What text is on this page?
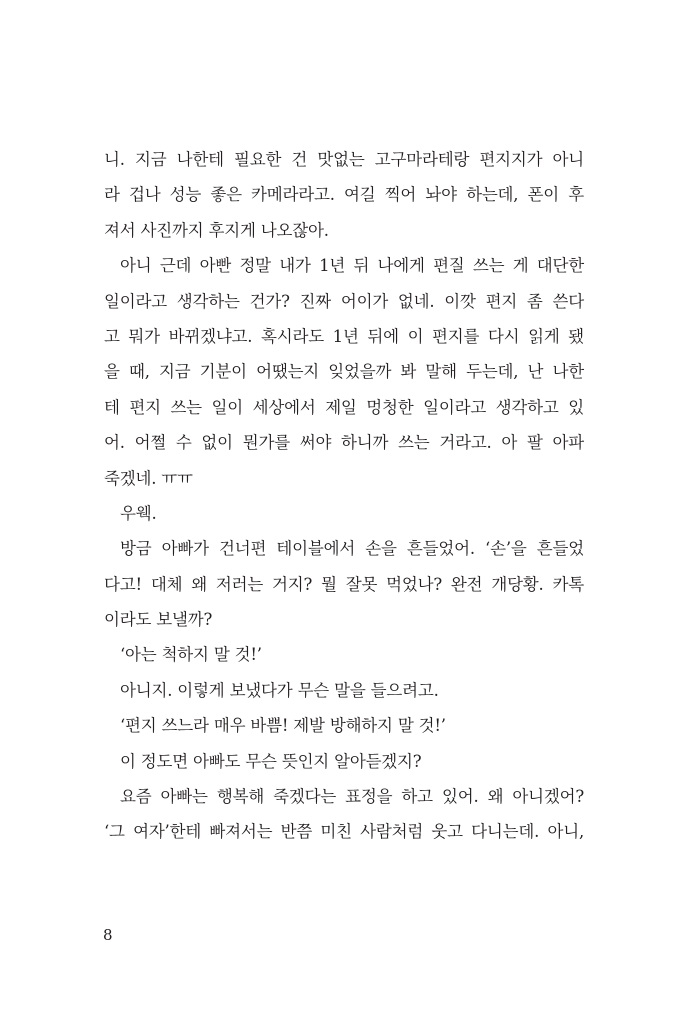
니. 지금 나한테 필요한 건 맛없는 고구마라테랑 편지지가 아니
라 겁나 성능 좋은 카메라라고. 여길 찍어 놔야 하는데, 폰이 후
져서 사진까지 후지게 나오잖아.
아니 근데 아빤 정말 내가 1년 뒤 나에게 편질 쓰는 게 대단한
일이라고 생각하는 건가? 진짜 어이가 없네. 이깟 편지 좀 쓴다
고 뭐가 바뀌겠냐고. 혹시라도 1년 뒤에 이 편지를 다시 읽게 됐
을 때, 지금 기분이 어땠는지 잊었을까 봐 말해 두는데, 난 나한
테 편지 쓰는 일이 세상에서 제일 멍청한 일이라고 생각하고 있
어. 어쩔 수 없이 뭔가를 써야 하니까 쓰는 거라고. 아 팔 아파
죽겠네. ㅠㅠ
우웩.
방금 아빠가 건너편 테이블에서 손을 흔들었어. ‘손’을 흔들었
다고! 대체 왜 저러는 거지? 뭘 잘못 먹었나? 완전 개당황. 카톡
이라도 보낼까?
‘아는 척하지 말 것!’
아니지. 이렇게 보냈다가 무슨 말을 들으려고.
‘편지 쓰느라 매우 바쁨! 제발 방해하지 말 것!’
이 정도면 아빠도 무슨 뜻인지 알아듣겠지?
요즘 아빠는 행복해 죽겠다는 표정을 하고 있어. 왜 아니겠어?
‘그 여자’한테 빠져서는 반쯤 미친 사람처럼 웃고 다니는데. 아니,
8
